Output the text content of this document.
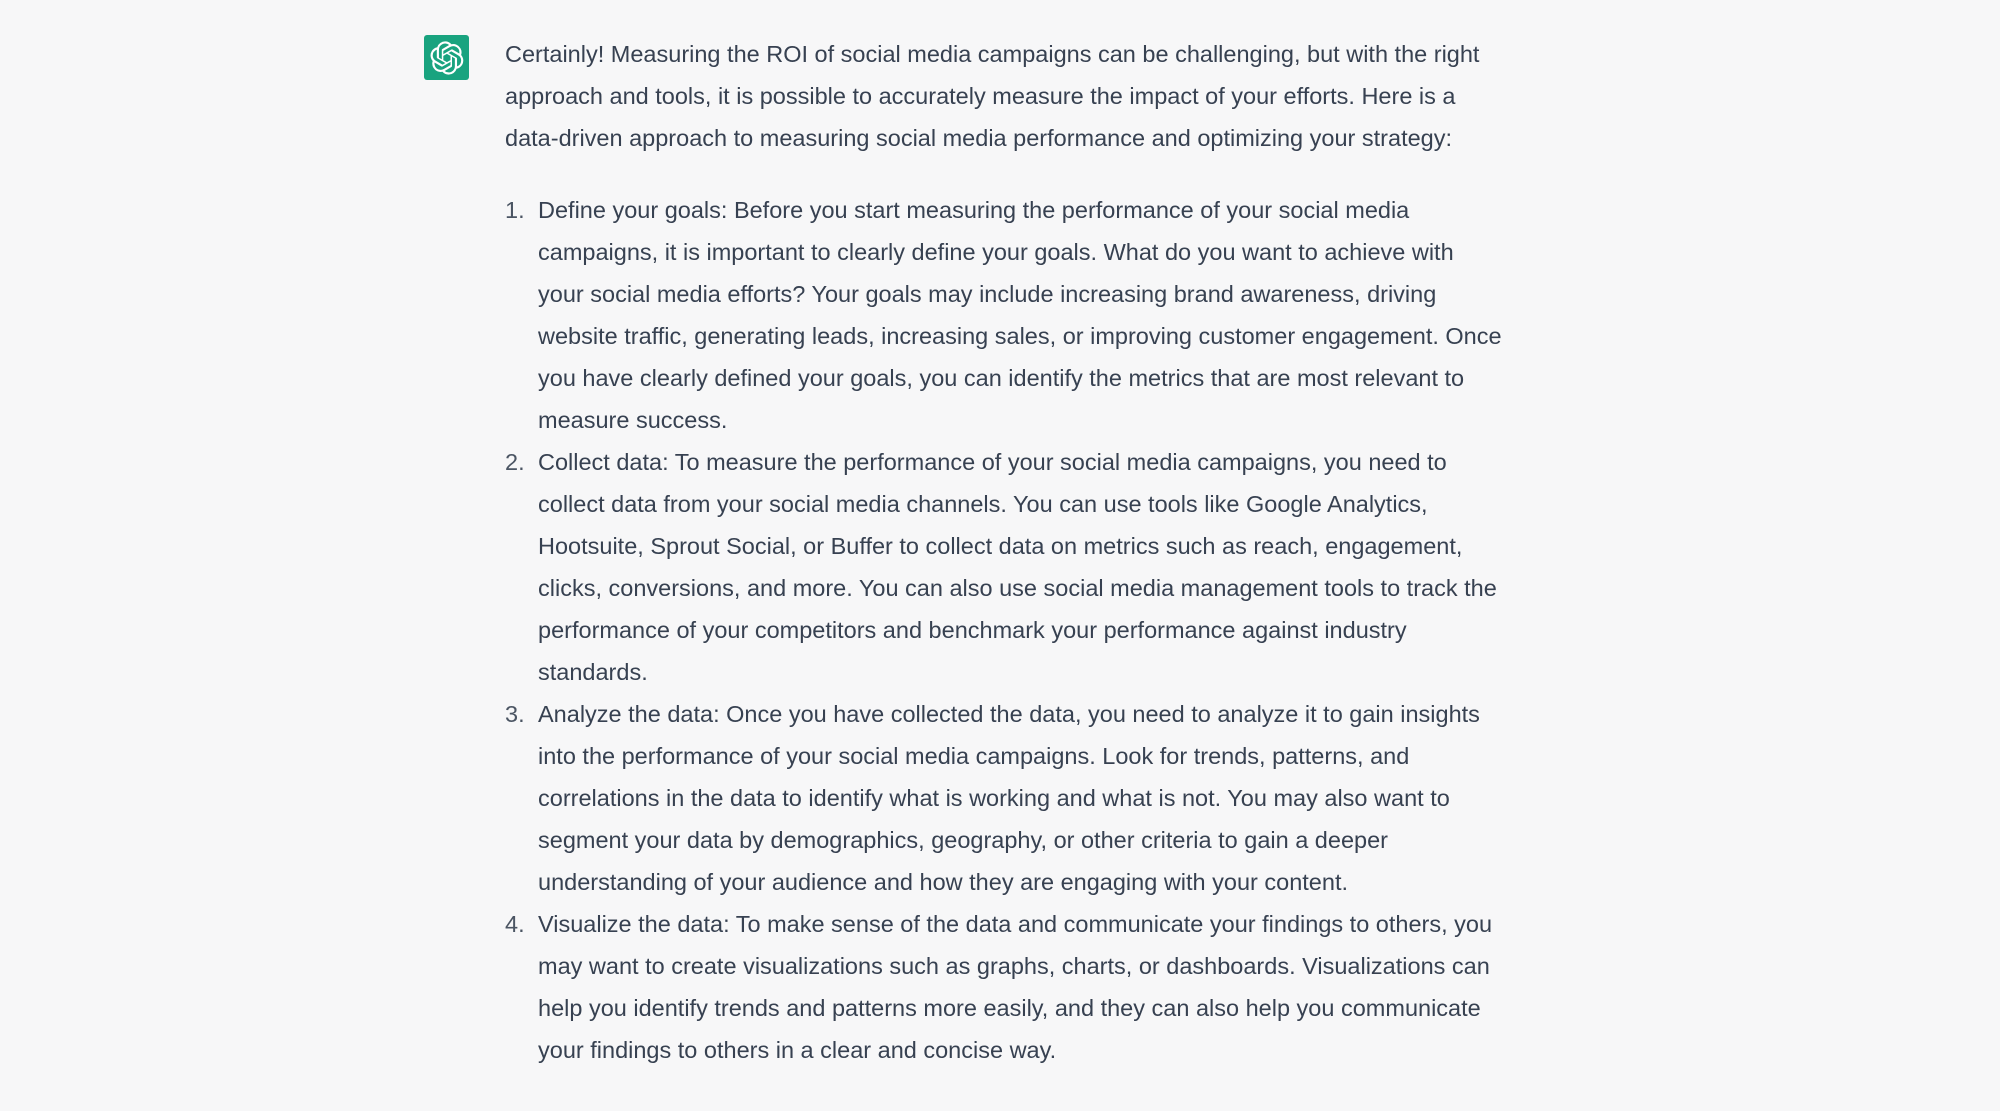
Certainly! Measuring the ROI of social media campaigns can be challenging, but with the right approach and tools, it is possible to accurately measure the impact of your efforts. Here is a data-driven approach to measuring social media performance and optimizing your strategy:

1. Define your goals: Before you start measuring the performance of your social media campaigns, it is important to clearly define your goals. What do you want to achieve with your social media efforts? Your goals may include increasing brand awareness, driving website traffic, generating leads, increasing sales, or improving customer engagement. Once you have clearly defined your goals, you can identify the metrics that are most relevant to measure success.
2. Collect data: To measure the performance of your social media campaigns, you need to collect data from your social media channels. You can use tools like Google Analytics, Hootsuite, Sprout Social, or Buffer to collect data on metrics such as reach, engagement, clicks, conversions, and more. You can also use social media management tools to track the performance of your competitors and benchmark your performance against industry standards.
3. Analyze the data: Once you have collected the data, you need to analyze it to gain insights into the performance of your social media campaigns. Look for trends, patterns, and correlations in the data to identify what is working and what is not. You may also want to segment your data by demographics, geography, or other criteria to gain a deeper understanding of your audience and how they are engaging with your content.
4. Visualize the data: To make sense of the data and communicate your findings to others, you may want to create visualizations such as graphs, charts, or dashboards. Visualizations can help you identify trends and patterns more easily, and they can also help you communicate your findings to others in a clear and concise way.
